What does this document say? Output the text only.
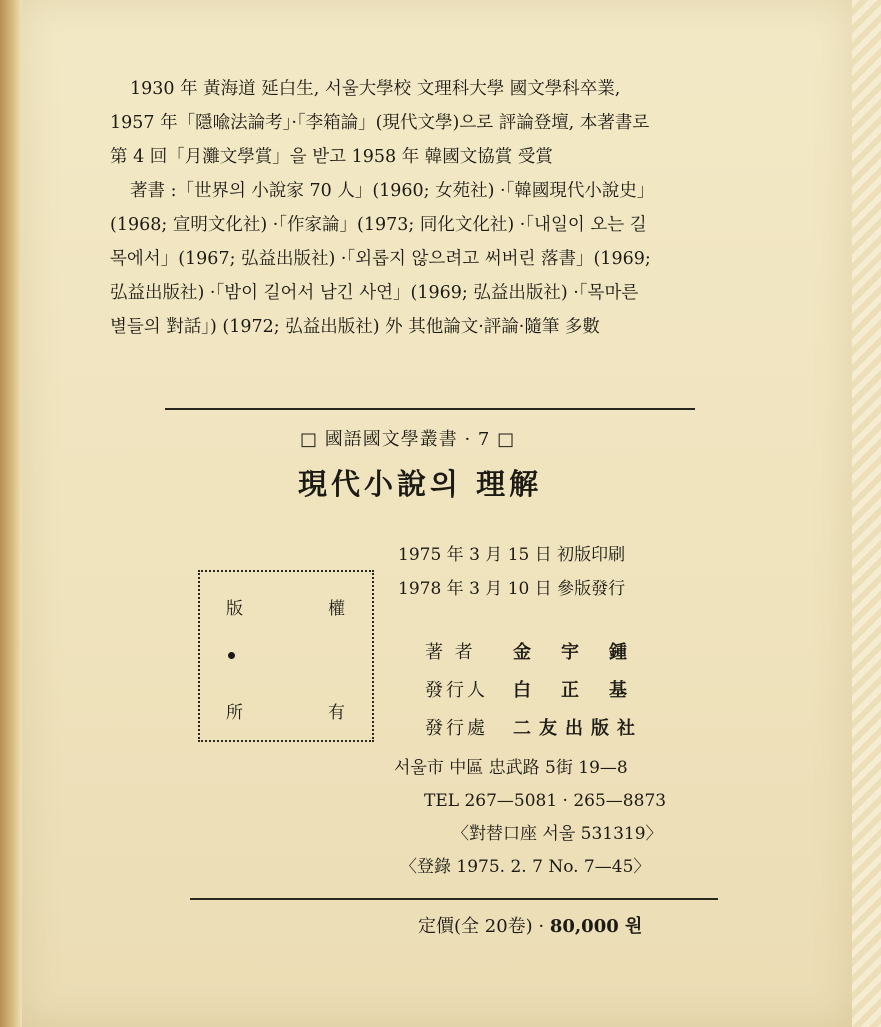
1930 年 黃海道 延白生, 서울大學校 文理科大學 國文學科卒業,

1957 年「隱喩法論考」·「李箱論」(現代文學)으로 評論登壇, 本著書로

第 4 回「月灘文學賞」을 받고 1958 年 韓國文協賞 受賞

著書 :「世界의 小說家 70 人」(1960; 女苑社) ·「韓國現代小說史」

(1968; 宣明文化社) ·「作家論」(1973; 同化文化社) ·「내일이 오는 길

목에서」(1967; 弘益出版社) ·「외롭지 않으려고 써버린 落書」(1969;

弘益出版社) ·「밤이 길어서 남긴 사연」(1969; 弘益出版社) ·「목마른

별들의 對話」) (1972; 弘益出版社) 外 其他論文·評論·隨筆 多數

□ 國語國文學叢書 · 7 □
現代小說의 理解

1975 年 3 月 15 日 初版印刷

1978 年 3 月 10 日 參版發行

版	權
所	有
著 者	金宇鍾
發行人	白正基
發行處	二友出版社

서울市 中區 忠武路 5街 19—8

TEL 267—5081 · 265—8873

〈對替口座 서울 531319〉

〈登錄 1975. 2. 7 No. 7—45〉

定價(全 20卷) · 80,000 원
